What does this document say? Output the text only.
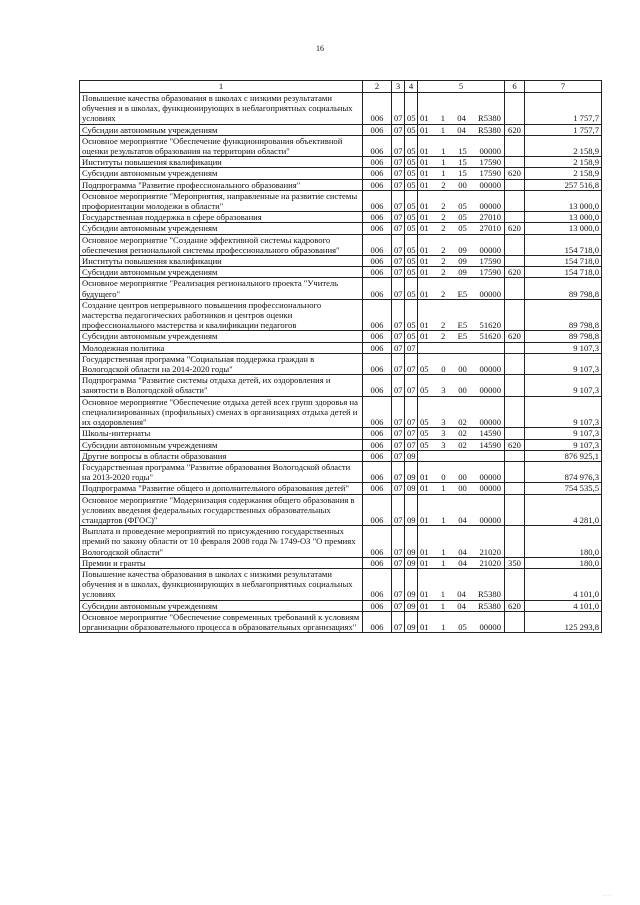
16
1	2	3	4	5	6	7
Повышение качества образования в школах с низкими результатами обучения и в школах, функционирующих в неблагоприятных социальных условиях	006	07	05	01 1 04 R5380		1 757,7
Субсидии автономным учреждениям	006	07	05	01 1 04 R5380	620	1 757,7
Основное мероприятие "Обеспечение функционирования объективной оценки результатов образования на территории области"	006	07	05	01 1 15 00000		2 158,9
Институты повышения квалификации	006	07	05	01 1 15 17590		2 158,9
Субсидии автономным учреждениям	006	07	05	01 1 15 17590	620	2 158,9
Подпрограмма "Развитие профессионального образования"	006	07	05	01 2 00 00000		257 516,8
Основное мероприятие "Мероприятия, направленные на развитие системы профориентации молодежи в области"	006	07	05	01 2 05 00000		13 000,0
Государственная поддержка в сфере образования	006	07	05	01 2 05 27010		13 000,0
Субсидии автономным учреждениям	006	07	05	01 2 05 27010	620	13 000,0
Основное мероприятие "Создание эффективной системы кадрового обеспечения региональной системы профессионального образования"	006	07	05	01 2 09 00000		154 718,0
Институты повышения квалификации	006	07	05	01 2 09 17590		154 718,0
Субсидии автономным учреждениям	006	07	05	01 2 09 17590	620	154 718,0
Основное мероприятие "Реализация регионального проекта "Учитель будущего"	006	07	05	01 2 E5 00000		89 798,8
Создание центров непрерывного повышения профессионального мастерства педагогических работников и центров оценки профессионального мастерства и квалификации педагогов	006	07	05	01 2 E5 51620		89 798,8
Субсидии автономным учреждениям	006	07	05	01 2 E5 51620	620	89 798,8
Молодежная политика	006	07	07			9 107,3
Государственная программа "Социальная поддержка граждан в Вологодской области на 2014-2020 годы"	006	07	07	05 0 00 00000		9 107,3
Подпрограмма "Развитие системы отдыха детей, их оздоровления и занятости в Вологодской области"	006	07	07	05 3 00 00000		9 107,3
Основное мероприятие "Обеспечение отдыха детей всех групп здоровья на специализированных (профильных) сменах в организациях отдыха детей и их оздоровления"	006	07	07	05 3 02 00000		9 107,3
Школы-интернаты	006	07	07	05 3 02 14590		9 107,3
Субсидии автономным учреждениям	006	07	07	05 3 02 14590	620	9 107,3
Другие вопросы в области образования	006	07	09			876 925,1
Государственная программа "Развитие образования Вологодской области на 2013-2020 годы"	006	07	09	01 0 00 00000		874 976,3
Подпрограмма "Развитие общего и дополнительного образования детей"	006	07	09	01 1 00 00000		754 535,5
Основное мероприятие "Модернизация содержания общего образования в условиях введения федеральных государственных образовательных стандартов (ФГОС)"	006	07	09	01 1 04 00000		4 281,0
Выплата и проведение мероприятий по присуждению государственных премий по закону области от 10 февраля 2008 года № 1749-ОЗ "О премиях Вологодской области"	006	07	09	01 1 04 21020		180,0
Премии и гранты	006	07	09	01 1 04 21020	350	180,0
Повышение качества образования в школах с низкими результатами обучения и в школах, функционирующих в неблагоприятных социальных условиях	006	07	09	01 1 04 R5380		4 101,0
Субсидии автономным учреждениям	006	07	09	01 1 04 R5380	620	4 101,0
Основное мероприятие "Обеспечение современных требований к условиям организации образовательного процесса в образовательных организациях"	006	07	09	01 1 05 00000		125 293,8
· · ·
